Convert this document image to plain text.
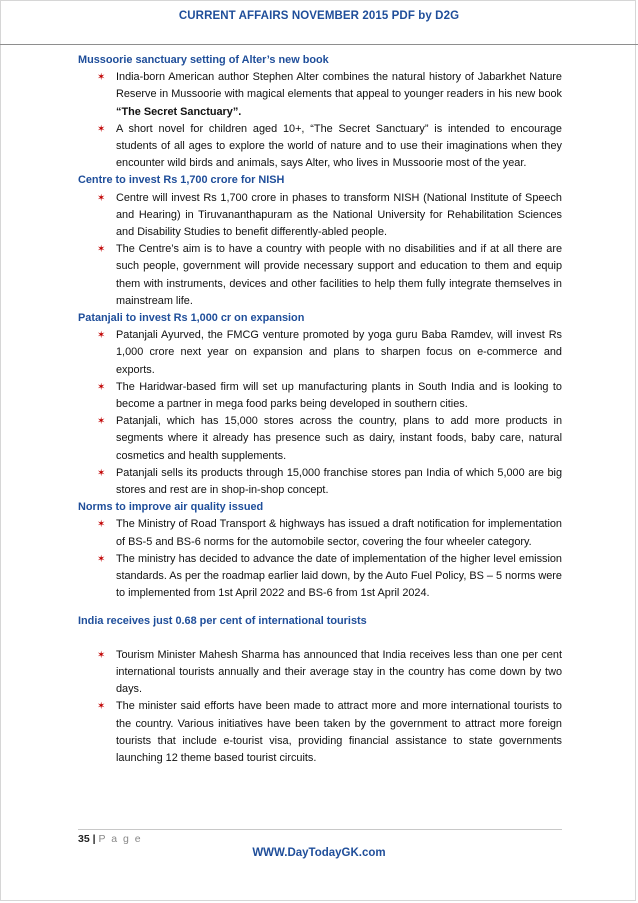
CURRENT AFFAIRS NOVEMBER 2015 PDF by D2G
Mussoorie sanctuary setting of Alter’s new book
✶ India-born American author Stephen Alter combines the natural history of Jabarkhet Nature Reserve in Mussoorie with magical elements that appeal to younger readers in his new book “The Secret Sanctuary”.
✶ A short novel for children aged 10+, “The Secret Sanctuary” is intended to encourage students of all ages to explore the world of nature and to use their imaginations when they encounter wild birds and animals, says Alter, who lives in Mussoorie most of the year.
Centre to invest Rs 1,700 crore for NISH
✶ Centre will invest Rs 1,700 crore in phases to transform NISH (National Institute of Speech and Hearing) in Tiruvananthapuram as the National University for Rehabilitation Sciences and Disability Studies to benefit differently-abled people.
✶ The Centre’s aim is to have a country with people with no disabilities and if at all there are such people, government will provide necessary support and education to them and equip them with instruments, devices and other facilities to help them fully integrate themselves in mainstream life.
Patanjali to invest Rs 1,000 cr on expansion
✶ Patanjali Ayurved, the FMCG venture promoted by yoga guru Baba Ramdev, will invest Rs 1,000 crore next year on expansion and plans to sharpen focus on e-commerce and exports.
✶ The Haridwar-based firm will set up manufacturing plants in South India and is looking to become a partner in mega food parks being developed in southern cities.
✶ Patanjali, which has 15,000 stores across the country, plans to add more products in segments where it already has presence such as dairy, instant foods, baby care, natural cosmetics and health supplements.
✶ Patanjali sells its products through 15,000 franchise stores pan India of which 5,000 are big stores and rest are in shop-in-shop concept.
Norms to improve air quality issued
✶ The Ministry of Road Transport & highways has issued a draft notification for implementation of BS-5 and BS-6 norms for the automobile sector, covering the four wheeler category.
✶ The ministry has decided to advance the date of implementation of the higher level emission standards. As per the roadmap earlier laid down, by the Auto Fuel Policy, BS – 5 norms were to implemented from 1st April 2022 and BS-6 from 1st April 2024.
India receives just 0.68 per cent of international tourists
✶ Tourism Minister Mahesh Sharma has announced that India receives less than one per cent international tourists annually and their average stay in the country has come down by two days.
✶ The minister said efforts have been made to attract more and more international tourists to the country. Various initiatives have been taken by the government to attract more foreign tourists that include e-tourist visa, providing financial assistance to state governments launching 12 theme based tourist circuits.
35 | P a g e
WWW.DayTodayGK.com
